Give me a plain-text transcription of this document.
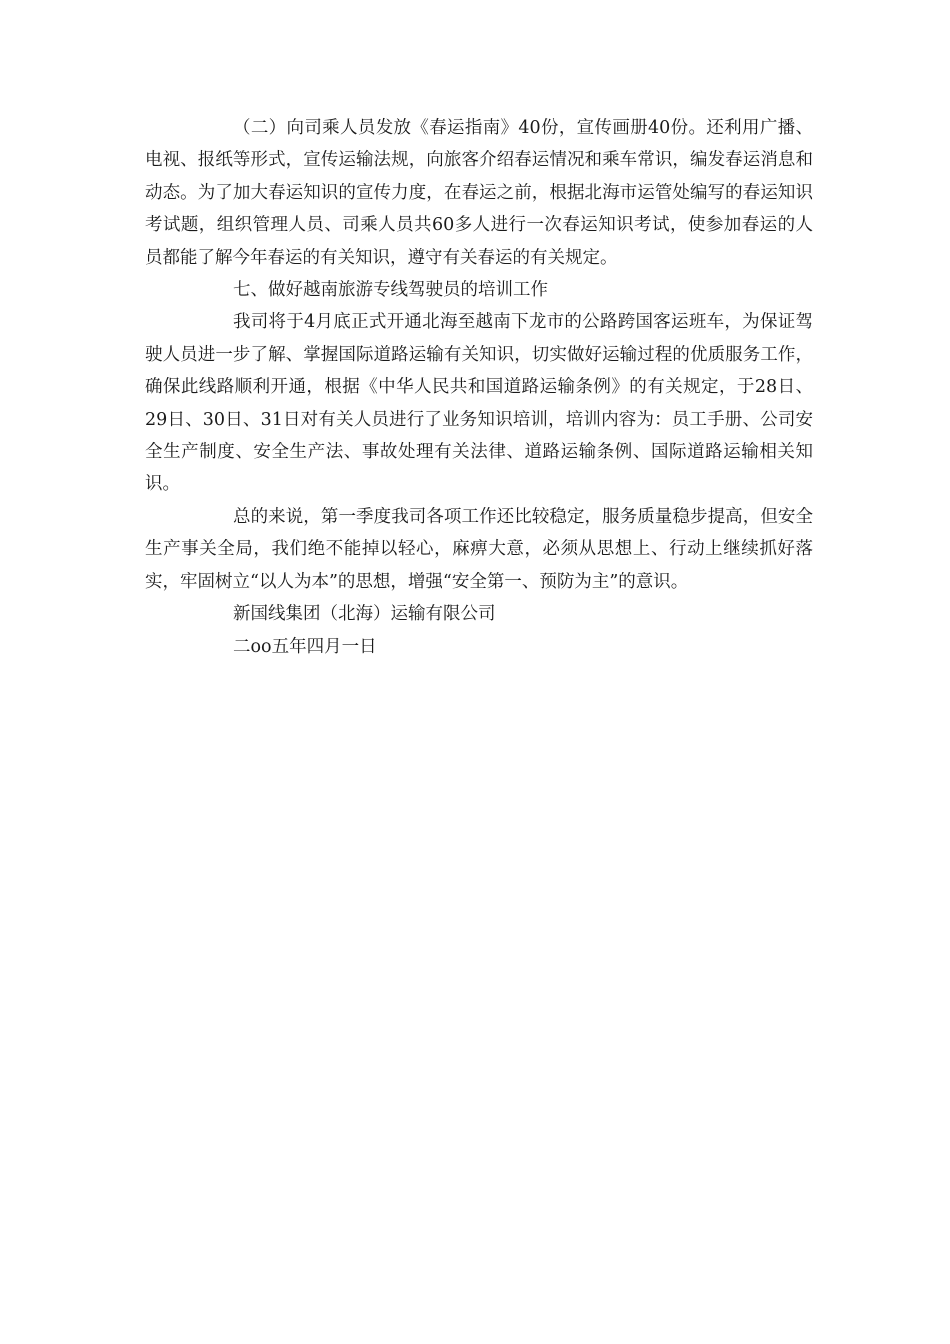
（二）向司乘人员发放《春运指南》40份，宣传画册40份。还利用广播、电视、报纸等形式，宣传运输法规，向旅客介绍春运情况和乘车常识，编发春运消息和动态。为了加大春运知识的宣传力度，在春运之前，根据北海市运管处编写的春运知识考试题，组织管理人员、司乘人员共60多人进行一次春运知识考试，使参加春运的人员都能了解今年春运的有关知识，遵守有关春运的有关规定。

七、做好越南旅游专线驾驶员的培训工作

我司将于4月底正式开通北海至越南下龙市的公路跨国客运班车，为保证驾驶人员进一步了解、掌握国际道路运输有关知识，切实做好运输过程的优质服务工作，确保此线路顺利开通，根据《中华人民共和国道路运输条例》的有关规定，于28日、29日、30日、31日对有关人员进行了业务知识培训，培训内容为：员工手册、公司安全生产制度、安全生产法、事故处理有关法律、道路运输条例、国际道路运输相关知识。

总的来说，第一季度我司各项工作还比较稳定，服务质量稳步提高，但安全生产事关全局，我们绝不能掉以轻心，麻痹大意，必须从思想上、行动上继续抓好落实，牢固树立“以人为本”的思想，增强“安全第一、预防为主”的意识。

新国线集团（北海）运输有限公司

二oo五年四月一日
